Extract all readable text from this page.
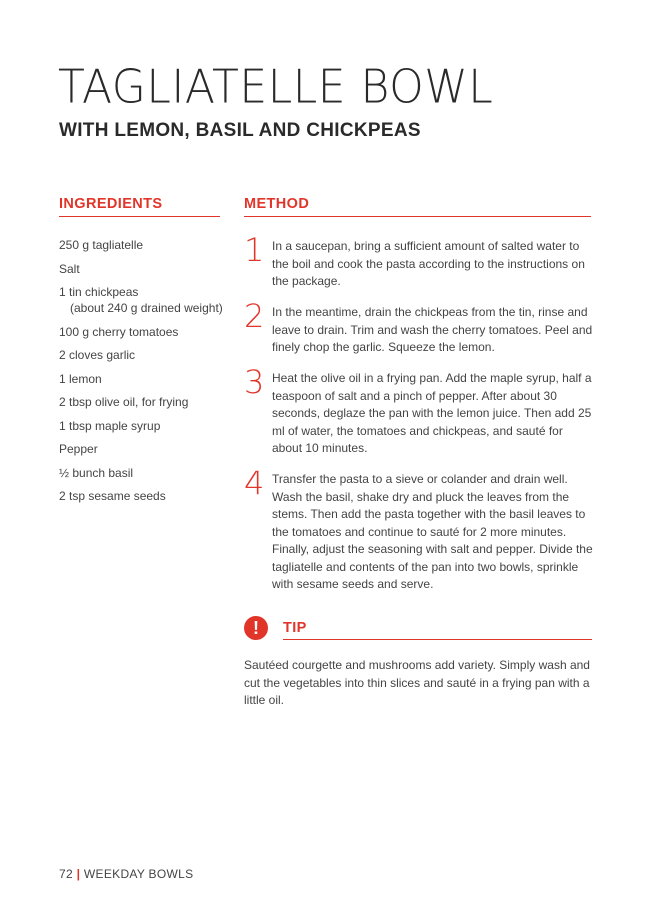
TAGLIATELLE BOWL
WITH LEMON, BASIL AND CHICKPEAS
INGREDIENTS	METHOD
250 g tagliatelle
Salt
1 tin chickpeas
(about 240 g drained weight)
100 g cherry tomatoes
2 cloves garlic
1 lemon
2 tbsp olive oil, for frying
1 tbsp maple syrup
Pepper
½ bunch basil
2 tsp sesame seeds
1 In a saucepan, bring a sufficient amount of salted water to the boil and cook the pasta according to the instructions on the package.
2 In the meantime, drain the chickpeas from the tin, rinse and leave to drain. Trim and wash the cherry tomatoes. Peel and finely chop the garlic. Squeeze the lemon.
3 Heat the olive oil in a frying pan. Add the maple syrup, half a teaspoon of salt and a pinch of pepper. After about 30 seconds, deglaze the pan with the lemon juice. Then add 25 ml of water, the tomatoes and chickpeas, and sauté for about 10 minutes.
4 Transfer the pasta to a sieve or colander and drain well. Wash the basil, shake dry and pluck the leaves from the stems. Then add the pasta together with the basil leaves to the tomatoes and continue to sauté for 2 more minutes. Finally, adjust the seasoning with salt and pepper. Divide the tagliatelle and contents of the pan into two bowls, sprinkle with sesame seeds and serve.
!	TIP
Sautéed courgette and mushrooms add variety. Simply wash and cut the vegetables into thin slices and sauté in a frying pan with a little oil.
72 | WEEKDAY BOWLS
